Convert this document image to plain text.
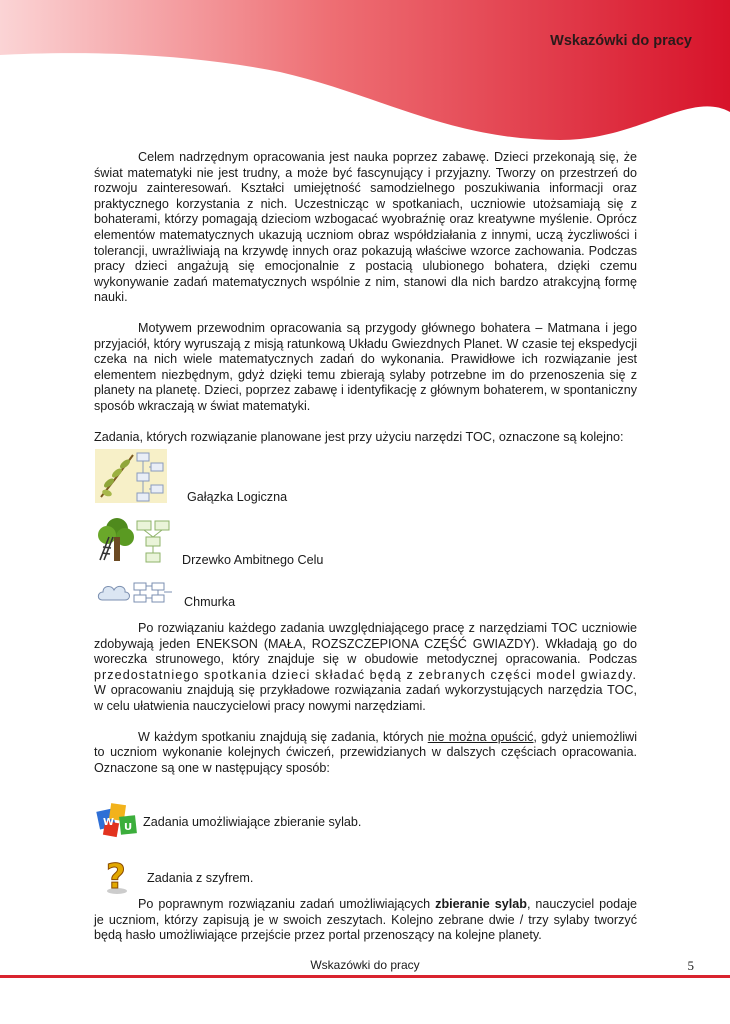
Wskazówki do pracy

Celem nadrzędnym opracowania jest nauka poprzez zabawę. Dzieci przekonają się, że świat matematyki nie jest trudny, a może być fascynujący i przyjazny. Tworzy on przestrzeń do rozwoju zainteresowań. Kształci umiejętność samodzielnego poszukiwania informacji oraz praktycznego korzystania z nich. Uczestnicząc w spotkaniach, uczniowie utożsamiają się z bohaterami, którzy pomagają dzieciom wzbogacać wyobraźnię oraz kreatywne myślenie. Oprócz elementów matematycznych ukazują uczniom obraz współdziałania z innymi, uczą życzliwości i tolerancji, uwrażliwiają na krzywdę innych oraz pokazują właściwe wzorce zachowania. Podczas pracy dzieci angażują się emocjonalnie z postacią ulubionego bohatera, dzięki czemu wykonywanie zadań matematycznych wspólnie z nim, stanowi dla nich bardzo atrakcyjną formę nauki.

Motywem przewodnim opracowania są przygody głównego bohatera – Matmana i jego przyjaciół, który wyruszają z misją ratunkową Układu Gwiezdnych Planet. W czasie tej ekspedycji czeka na nich wiele matematycznych zadań do wykonania. Prawidłowe ich rozwiązanie jest elementem niezbędnym, gdyż dzięki temu zbierają sylaby potrzebne im do przenoszenia się z planety na planetę. Dzieci, poprzez zabawę i identyfikację z głównym bohaterem, w spontaniczny sposób wkraczają w świat matematyki.

Zadania, których rozwiązanie planowane jest przy użyciu narzędzi TOC, oznaczone są kolejno:

Gałązka Logiczna
Drzewko Ambitnego Celu
Chmurka

Po rozwiązaniu każdego zadania uwzględniającego pracę z narzędziami TOC uczniowie zdobywają jeden ENEKSON (MAŁA, ROZSZCZEPIONA CZĘŚĆ GWIAZDY). Wkładają go do woreczka strunowego, który znajduje się w obudowie metodycznej opracowania. Podczas przedostatniego spotkania dzieci składać będą z zebranych części model gwiazdy. W opracowaniu znajdują się przykładowe rozwiązania zadań wykorzystujących narzędzia TOC, w celu ułatwienia nauczycielowi pracy nowymi narzędziami.

W każdym spotkaniu znajdują się zadania, których nie można opuścić, gdyż uniemożliwi to uczniom wykonanie kolejnych ćwiczeń, przewidzianych w dalszych częściach opracowania. Oznaczone są one w następujący sposób:

W U Zadania umożliwiające zbieranie sylab.
? Zadania z szyfrem.

Po poprawnym rozwiązaniu zadań umożliwiających zbieranie sylab, nauczyciel podaje je uczniom, którzy zapisują je w swoich zeszytach. Kolejno zebrane dwie / trzy sylaby tworzyć będą hasło umożliwiające przejście przez portal przenoszący na kolejne planety.

Wskazówki do pracy	5
